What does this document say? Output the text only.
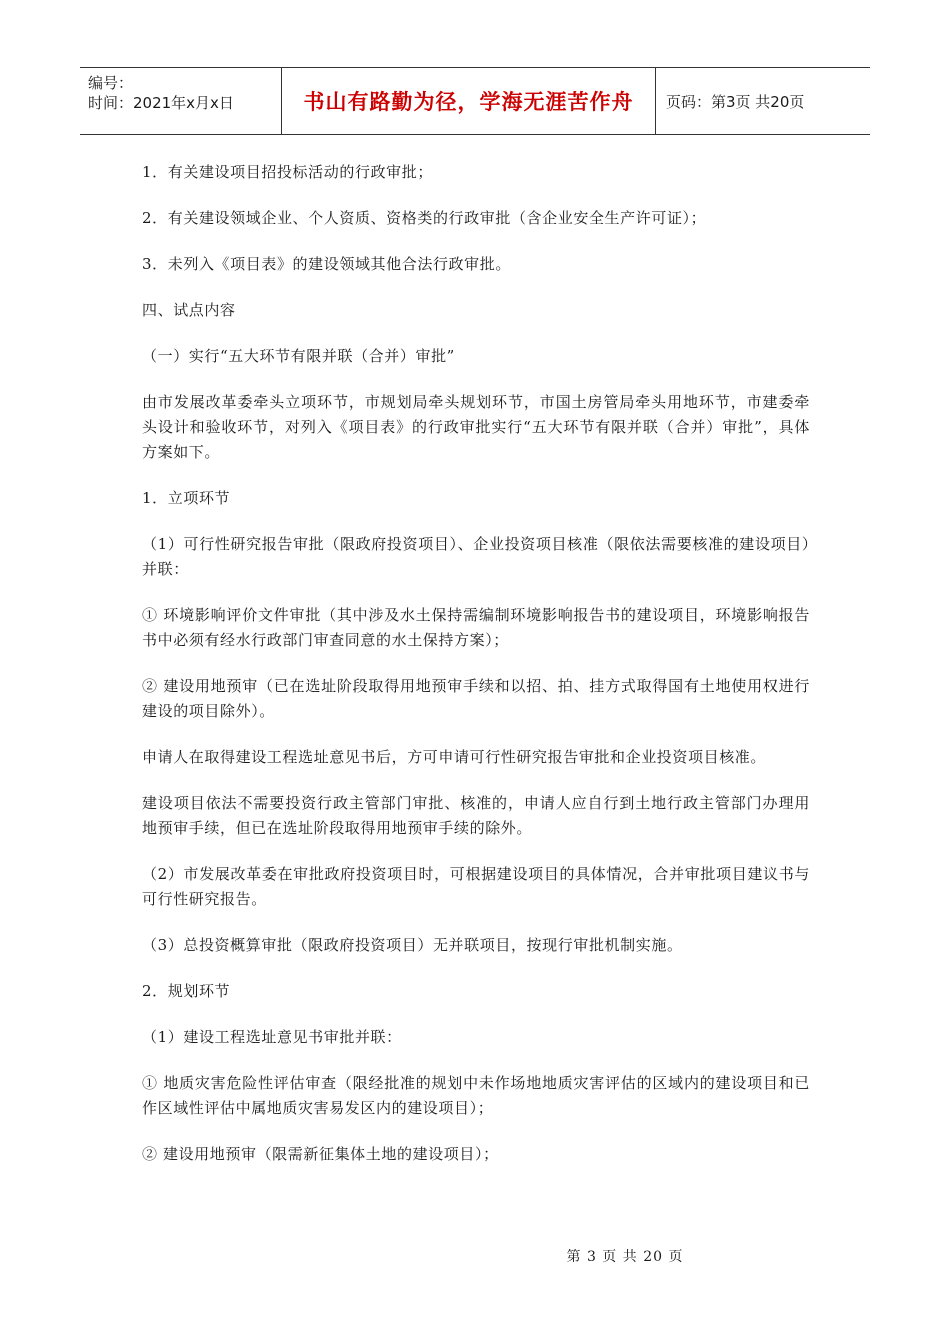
编号：
时间：2021年x月x日	书山有路勤为径，学海无涯苦作舟	页码：第3页 共20页

1．有关建设项目招投标活动的行政审批；

2．有关建设领域企业、个人资质、资格类的行政审批（含企业安全生产许可证）；

3．未列入《项目表》的建设领域其他合法行政审批。

四、试点内容

（一）实行“五大环节有限并联（合并）审批”

由市发展改革委牵头立项环节，市规划局牵头规划环节，市国土房管局牵头用地环节，市建委牵头设计和验收环节，对列入《项目表》的行政审批实行“五大环节有限并联（合并）审批”，具体方案如下。

1．立项环节

（1）可行性研究报告审批（限政府投资项目）、企业投资项目核准（限依法需要核准的建设项目）并联：

① 环境影响评价文件审批（其中涉及水土保持需编制环境影响报告书的建设项目，环境影响报告书中必须有经水行政部门审查同意的水土保持方案）；

② 建设用地预审（已在选址阶段取得用地预审手续和以招、拍、挂方式取得国有土地使用权进行建设的项目除外）。

申请人在取得建设工程选址意见书后，方可申请可行性研究报告审批和企业投资项目核准。

建设项目依法不需要投资行政主管部门审批、核准的，申请人应自行到土地行政主管部门办理用地预审手续，但已在选址阶段取得用地预审手续的除外。

（2）市发展改革委在审批政府投资项目时，可根据建设项目的具体情况，合并审批项目建议书与可行性研究报告。

（3）总投资概算审批（限政府投资项目）无并联项目，按现行审批机制实施。

2．规划环节

（1）建设工程选址意见书审批并联：

① 地质灾害危险性评估审查（限经批准的规划中未作场地地质灾害评估的区域内的建设项目和已作区域性评估中属地质灾害易发区内的建设项目）；

② 建设用地预审（限需新征集体土地的建设项目）；

第 3 页 共 20 页
